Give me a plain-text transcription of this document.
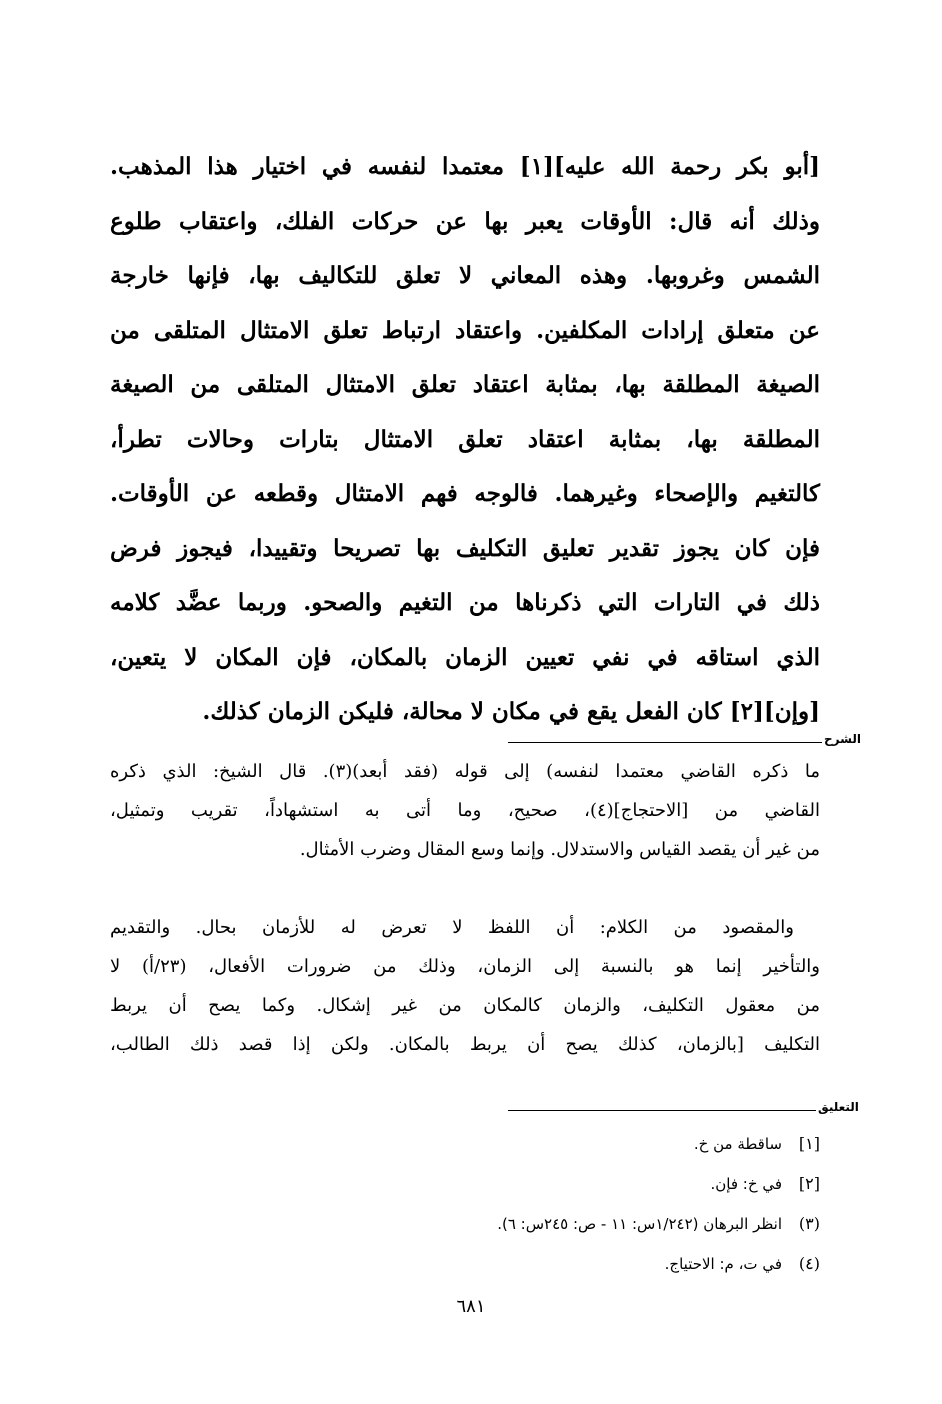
[أبو بكر رحمة الله عليه][١] معتمدا لنفسه في اختيار هذا المذهب.
وذلك أنه قال: الأوقات يعبر بها عن حركات الفلك، واعتقاب طلوع
الشمس وغروبها. وهذه المعاني لا تعلق للتكاليف بها، فإنها خارجة
عن متعلق إرادات المكلفين. واعتقاد ارتباط تعلق الامتثال المتلقى من
الصيغة المطلقة بها، بمثابة اعتقاد تعلق الامتثال المتلقى من الصيغة
المطلقة بها، بمثابة اعتقاد تعلق الامتثال بتارات وحالات تطرأ،
كالتغيم والإصحاء وغيرهما. فالوجه فهم الامتثال وقطعه عن الأوقات.
فإن كان يجوز تقدير تعليق التكليف بها تصريحا وتقييدا، فيجوز فرض
ذلك في التارات التي ذكرناها من التغيم والصحو. وربما عضَّد كلامه
الذي استاقه في نفي تعيين الزمان بالمكان، فإن المكان لا يتعين،
[وإن][٢] كان الفعل يقع في مكان لا محالة، فليكن الزمان كذلك.
الشرح
ما ذكره القاضي معتمدا لنفسه) إلى قوله (فقد أبعد)(٣). قال الشيخ: الذي ذكره
القاضي من [الاحتجاج](٤)، صحيح، وما أتى به استشهاداً، تقريب وتمثيل،
من غير أن يقصد القياس والاستدلال. وإنما وسع المقال وضرب الأمثال.
والمقصود من الكلام: أن اللفظ لا تعرض له للأزمان بحال. والتقديم
والتأخير إنما هو بالنسبة إلى الزمان، وذلك من ضرورات الأفعال، (٢٣/أ) لا
من معقول التكليف، والزمان كالمكان من غير إشكال. وكما يصح أن يربط
التكليف [بالزمان، كذلك يصح أن يربط بالمكان. ولكن إذا قصد ذلك الطالب،
التعليق
[١]ساقطة من خ.
[٢]في خ: فإن.
(٣)انظر البرهان (١/٢٤٢س: ١١ - ص: ٢٤٥س: ٦).
(٤)في ت، م: الاحتياج.
٦٨١
